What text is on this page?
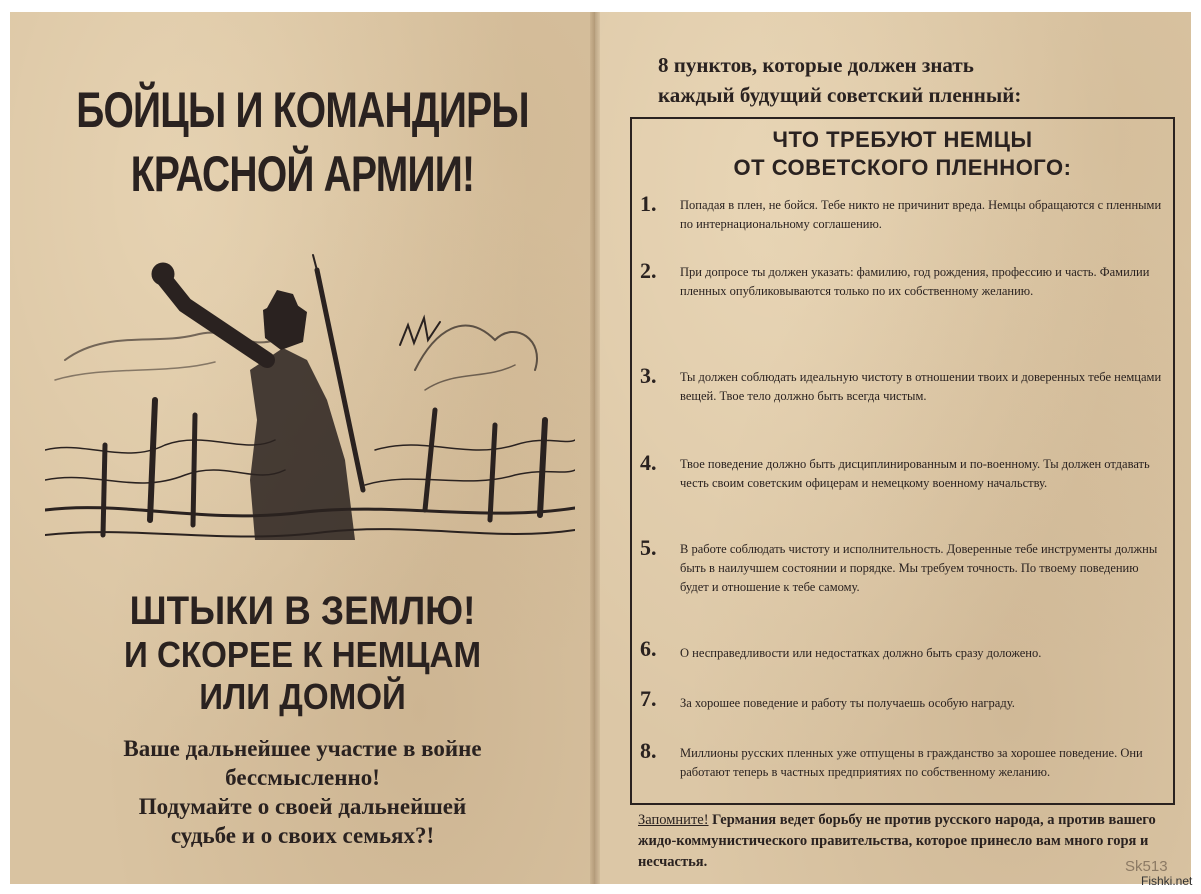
БОЙЦЫ И КОМАНДИРЫ
КРАСНОЙ АРМИИ!
ШТЫКИ В ЗЕМЛЮ!
И СКОРЕЕ К НЕМЦАМ
ИЛИ ДОМОЙ

Ваше дальнейшее участие в войне
бессмысленно!
Подумайте о своей дальнейшей
судьбе и о своих семьях?!

8 пунктов, которые должен знать
каждый будущий советский пленный:

ЧТО ТРЕБУЮТ НЕМЦЫ
ОТ СОВЕТСКОГО ПЛЕННОГО:
1. Попадая в плен, не бойся. Тебе никто не причинит вреда. Немцы обращаются с пленными по интернациональному соглашению.
2. При допросе ты должен указать: фамилию, год рождения, профессию и часть. Фамилии пленных опубликовываются только по их собственному желанию.
3. Ты должен соблюдать идеальную чистоту в отношении твоих и доверенных тебе немцами вещей. Твое тело должно быть всегда чистым.
4. Твое поведение должно быть дисциплинированным и по-военному. Ты должен отдавать честь своим советским офицерам и немецкому военному начальству.
5. В работе соблюдать чистоту и исполнительность. Доверенные тебе инструменты должны быть в наилучшем состоянии и порядке. Мы требуем точность. По твоему поведению будет и отношение к тебе самому.
6. О несправедливости или недостатках должно быть сразу доложено.
7. За хорошее поведение и работу ты получаешь особую награду.
8. Миллионы русских пленных уже отпущены в гражданство за хорошее поведение. Они работают теперь в частных предприятиях по собственному желанию.

Запомните! Германия ведет борьбу не против русского народа, а против вашего жидо-коммунистического правительства, которое принесло вам много горя и несчастья.	Sk513
Fishki.net
